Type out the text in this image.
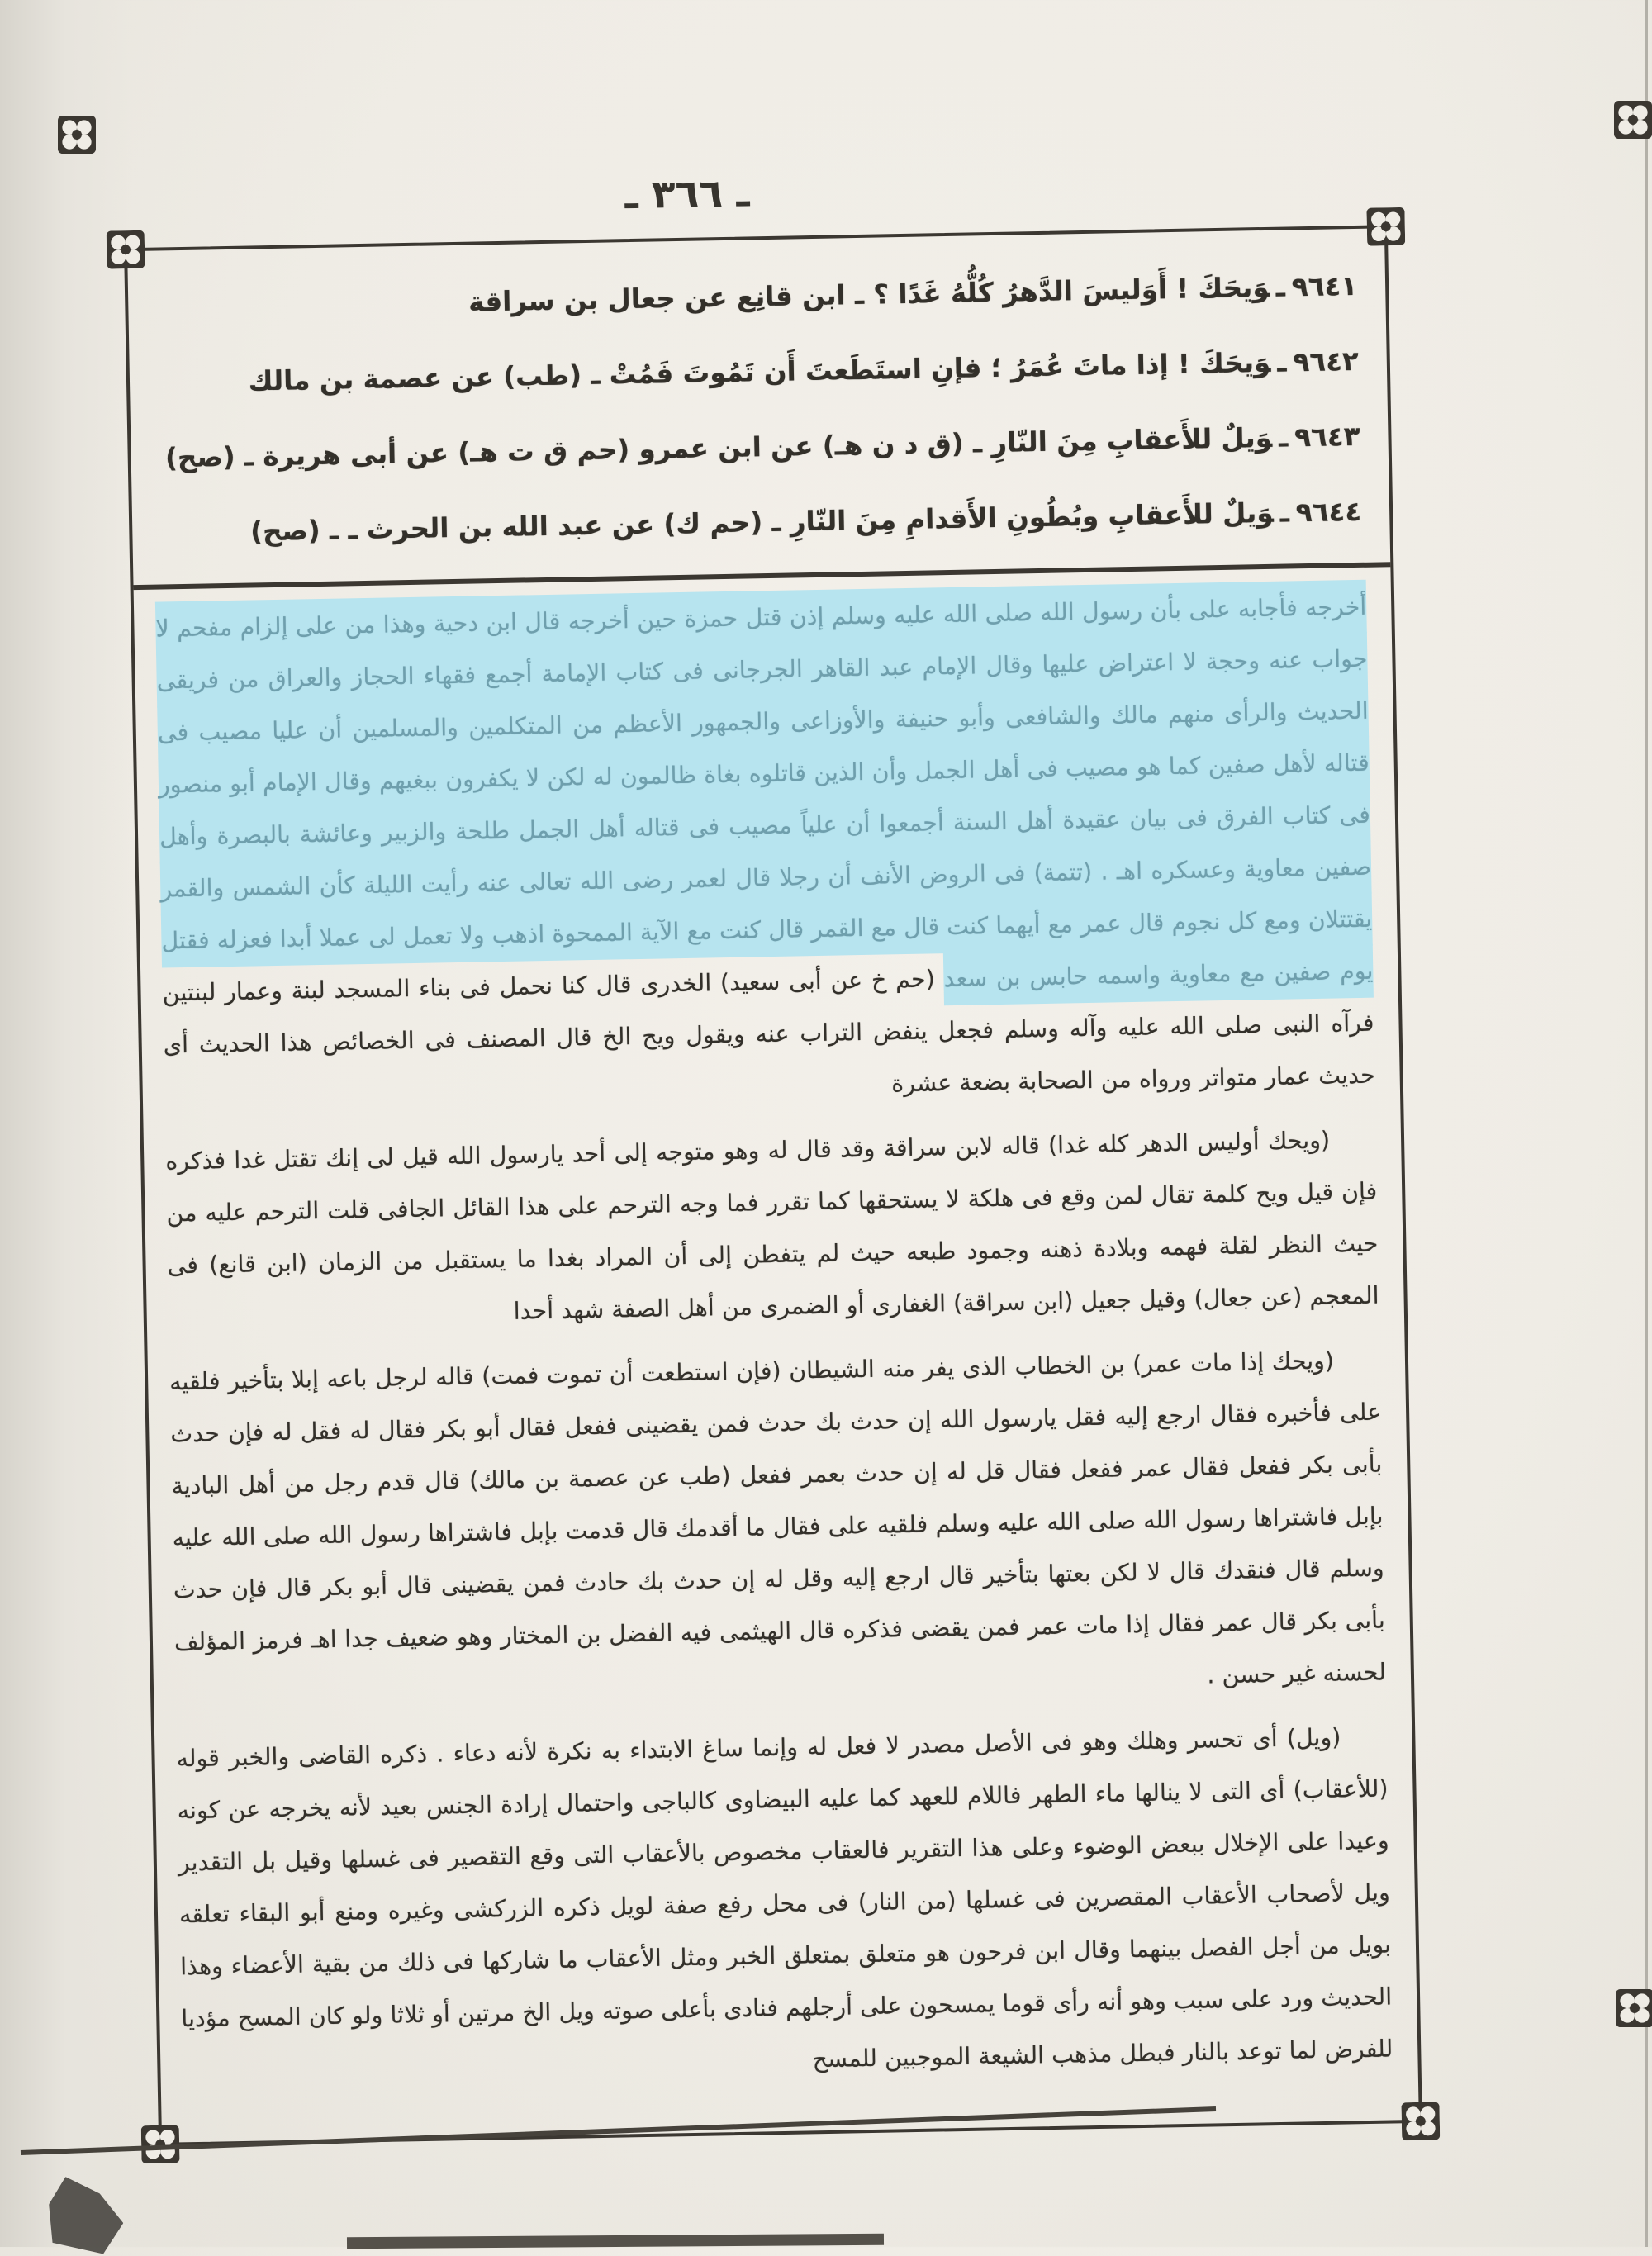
ـ ٣٦٦ ـ
٩٦٤١ـوَيحَكَ ! أَوَليسَ الدَّهرُ كُلُّهُ غَدًا ؟ ـ ابن قانِع عن جعال بن سراقة
٩٦٤٢ـوَيحَكَ ! إذا ماتَ عُمَرُ ؛ فإنِ استَطَعتَ أَن تَمُوتَ فَمُتْ ـ (طب) عن عصمة بن مالك
٩٦٤٣ـوَيلٌ للأَعقابِ مِنَ النّارِ ـ (ق د ن هـ) عن ابن عمرو (حم ق ت هـ) عن أبى هريرة ـ (صح)
٩٦٤٤ـوَيلٌ للأَعقابِ وبُطُونِ الأَقدامِ مِنَ النّارِ ـ (حم ك) عن عبد الله بن الحرث ـ ـ (صح)

أخرجه فأجابه على بأن رسول الله صلى الله عليه وسلم إذن قتل حمزة حين أخرجه قال ابن دحية وهذا من على إلزام مفحم لا جواب عنه وحجة لا اعتراض عليها وقال الإمام عبد القاهر الجرجانى فى كتاب الإمامة أجمع فقهاء الحجاز والعراق من فريقى الحديث والرأى منهم مالك والشافعى وأبو حنيفة والأوزاعى والجمهور الأعظم من المتكلمين والمسلمين أن عليا مصيب فى قتاله لأهل صفين كما هو مصيب فى أهل الجمل وأن الذين قاتلوه بغاة ظالمون له لكن لا يكفرون ببغيهم وقال الإمام أبو منصور فى كتاب الفرق فى بيان عقيدة أهل السنة أجمعوا أن علياً مصيب فى قتاله أهل الجمل طلحة والزبير وعائشة بالبصرة وأهل صفين معاوية وعسكره اهـ . (تتمة) فى الروض الأنف أن رجلا قال لعمر رضى الله تعالى عنه رأيت الليلة كأن الشمس والقمر يقتتلان ومع كل نجوم قال عمر مع أيهما كنت قال مع القمر قال كنت مع الآية الممحوة اذهب ولا تعمل لى عملا أبدا فعزله فقتل يوم صفين مع معاوية واسمه حابس بن سعد (حم خ عن أبى سعيد) الخدرى قال كنا نحمل فى بناء المسجد لبنة وعمار لبنتين فرآه النبى صلى الله عليه وآله وسلم فجعل ينفض التراب عنه ويقول ويح الخ قال المصنف فى الخصائص هذا الحديث أى حديث عمار متواتر ورواه من الصحابة بضعة عشرة

(ويحك أوليس الدهر كله غدا) قاله لابن سراقة وقد قال له وهو متوجه إلى أحد يارسول الله قيل لى إنك تقتل غدا فذكره فإن قيل ويح كلمة تقال لمن وقع فى هلكة لا يستحقها كما تقرر فما وجه الترحم على هذا القائل الجافى قلت الترحم عليه من حيث النظر لقلة فهمه وبلادة ذهنه وجمود طبعه حيث لم يتفطن إلى أن المراد بغدا ما يستقبل من الزمان (ابن قانع) فى المعجم (عن جعال) وقيل جعيل (ابن سراقة) الغفارى أو الضمرى من أهل الصفة شهد أحدا

(ويحك إذا مات عمر) بن الخطاب الذى يفر منه الشيطان (فإن استطعت أن تموت فمت) قاله لرجل باعه إبلا بتأخير فلقيه على فأخبره فقال ارجع إليه فقل يارسول الله إن حدث بك حدث فمن يقضينى ففعل فقال أبو بكر فقال له فقل له فإن حدث بأبى بكر ففعل فقال عمر ففعل فقال قل له إن حدث بعمر ففعل (طب عن عصمة بن مالك) قال قدم رجل من أهل البادية بإبل فاشتراها رسول الله صلى الله عليه وسلم فلقيه على فقال ما أقدمك قال قدمت بإبل فاشتراها رسول الله صلى الله عليه وسلم قال فنقدك قال لا لكن بعتها بتأخير قال ارجع إليه وقل له إن حدث بك حادث فمن يقضينى قال أبو بكر قال فإن حدث بأبى بكر قال عمر فقال إذا مات عمر فمن يقضى فذكره قال الهيثمى فيه الفضل بن المختار وهو ضعيف جدا اهـ فرمز المؤلف لحسنه غير حسن .

(ويل) أى تحسر وهلك وهو فى الأصل مصدر لا فعل له وإنما ساغ الابتداء به نكرة لأنه دعاء . ذكره القاضى والخبر قوله (للأعقاب) أى التى لا ينالها ماء الطهر فاللام للعهد كما عليه البيضاوى كالباجى واحتمال إرادة الجنس بعيد لأنه يخرجه عن كونه وعيدا على الإخلال ببعض الوضوء وعلى هذا التقرير فالعقاب مخصوص بالأعقاب التى وقع التقصير فى غسلها وقيل بل التقدير ويل لأصحاب الأعقاب المقصرين فى غسلها (من النار) فى محل رفع صفة لويل ذكره الزركشى وغيره ومنع أبو البقاء تعلقه بويل من أجل الفصل بينهما وقال ابن فرحون هو متعلق بمتعلق الخبر ومثل الأعقاب ما شاركها فى ذلك من بقية الأعضاء وهذا الحديث ورد على سبب وهو أنه رأى قوما يمسحون على أرجلهم فنادى بأعلى صوته ويل الخ مرتين أو ثلاثا ولو كان المسح مؤديا للفرض لما توعد بالنار فبطل مذهب الشيعة الموجبين للمسح
